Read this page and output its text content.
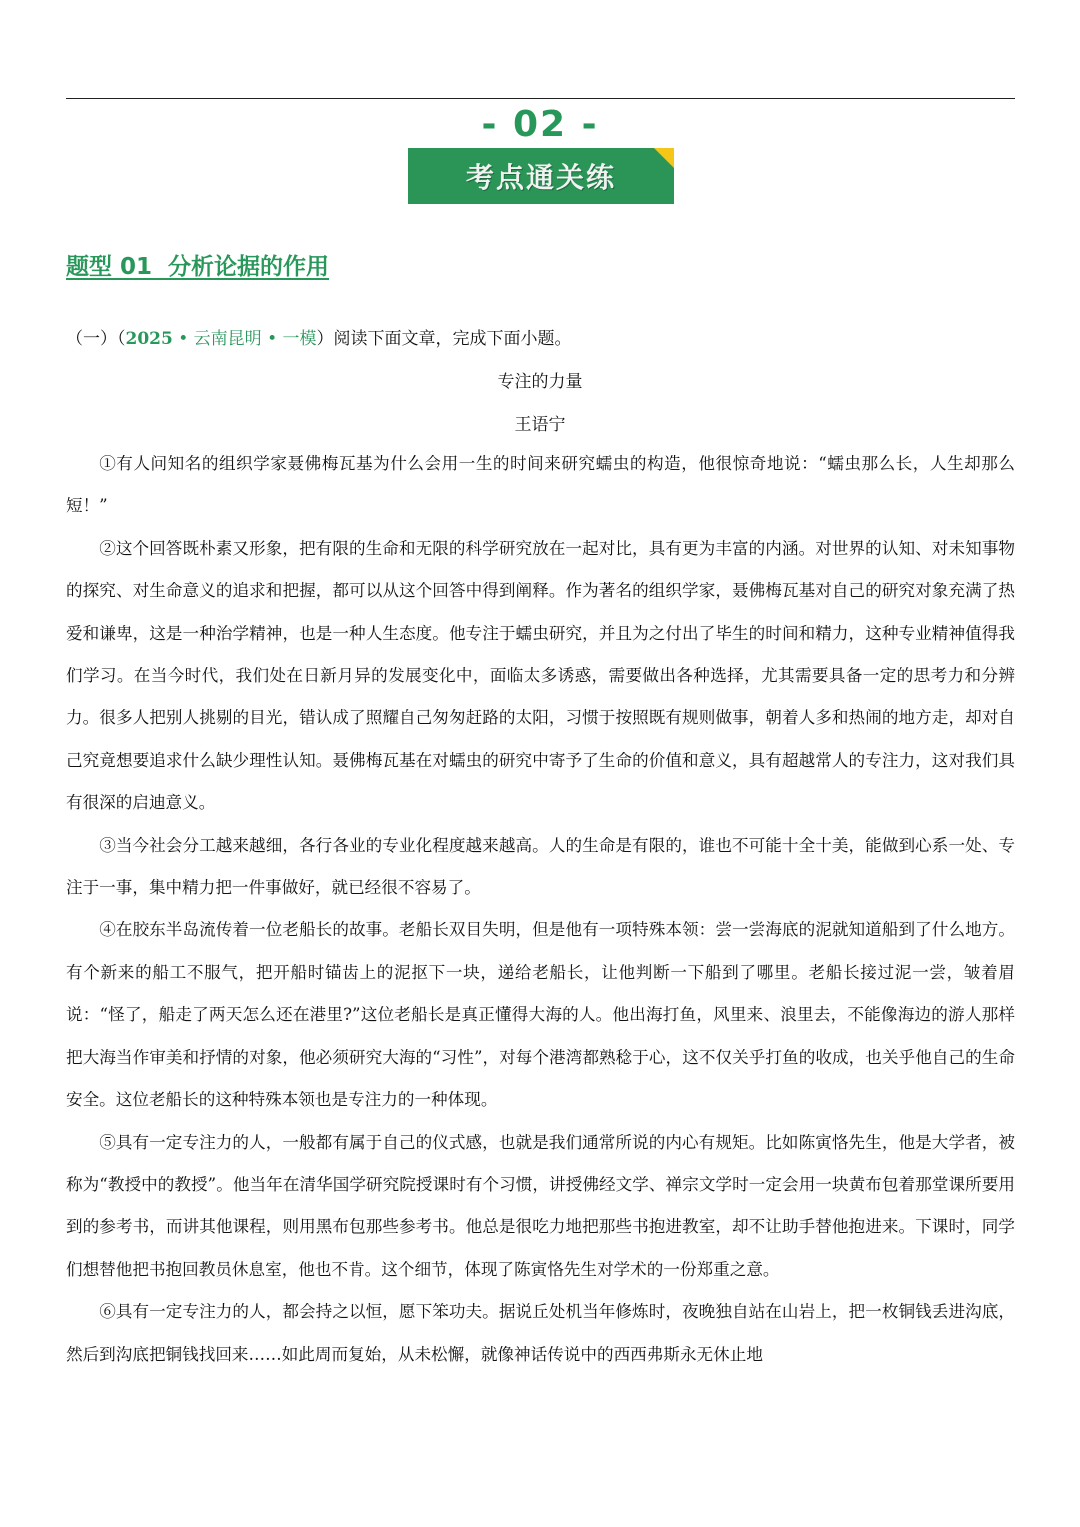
- 02 -
考点通关练
题型 01  分析论据的作用
（一）（2025 • 云南昆明 • 一模）阅读下面文章，完成下面小题。
专注的力量
王语宁

①有人问知名的组织学家聂佛梅瓦基为什么会用一生的时间来研究蠕虫的构造，他很惊奇地说：“蠕虫那么长，人生却那么短！”

②这个回答既朴素又形象，把有限的生命和无限的科学研究放在一起对比，具有更为丰富的内涵。对世界的认知、对未知事物的探究、对生命意义的追求和把握，都可以从这个回答中得到阐释。作为著名的组织学家，聂佛梅瓦基对自己的研究对象充满了热爱和谦卑，这是一种治学精神，也是一种人生态度。他专注于蠕虫研究，并且为之付出了毕生的时间和精力，这种专业精神值得我们学习。在当今时代，我们处在日新月异的发展变化中，面临太多诱惑，需要做出各种选择，尤其需要具备一定的思考力和分辨力。很多人把别人挑剔的目光，错认成了照耀自己匆匆赶路的太阳，习惯于按照既有规则做事，朝着人多和热闹的地方走，却对自己究竟想要追求什么缺少理性认知。聂佛梅瓦基在对蠕虫的研究中寄予了生命的价值和意义，具有超越常人的专注力，这对我们具有很深的启迪意义。

③当今社会分工越来越细，各行各业的专业化程度越来越高。人的生命是有限的，谁也不可能十全十美，能做到心系一处、专注于一事，集中精力把一件事做好，就已经很不容易了。

④在胶东半岛流传着一位老船长的故事。老船长双目失明，但是他有一项特殊本领：尝一尝海底的泥就知道船到了什么地方。有个新来的船工不服气，把开船时锚齿上的泥抠下一块，递给老船长，让他判断一下船到了哪里。老船长接过泥一尝，皱着眉说：“怪了，船走了两天怎么还在港里?”这位老船长是真正懂得大海的人。他出海打鱼，风里来、浪里去，不能像海边的游人那样把大海当作审美和抒情的对象，他必须研究大海的“习性”，对每个港湾都熟稔于心，这不仅关乎打鱼的收成，也关乎他自己的生命安全。这位老船长的这种特殊本领也是专注力的一种体现。

⑤具有一定专注力的人，一般都有属于自己的仪式感，也就是我们通常所说的内心有规矩。比如陈寅恪先生，他是大学者，被称为“教授中的教授”。他当年在清华国学研究院授课时有个习惯，讲授佛经文学、禅宗文学时一定会用一块黄布包着那堂课所要用到的参考书，而讲其他课程，则用黑布包那些参考书。他总是很吃力地把那些书抱进教室，却不让助手替他抱进来。下课时，同学们想替他把书抱回教员休息室，他也不肯。这个细节，体现了陈寅恪先生对学术的一份郑重之意。

⑥具有一定专注力的人，都会持之以恒，愿下笨功夫。据说丘处机当年修炼时，夜晚独自站在山岩上，把一枚铜钱丢进沟底，然后到沟底把铜钱找回来……如此周而复始，从未松懈，就像神话传说中的西西弗斯永无休止地
